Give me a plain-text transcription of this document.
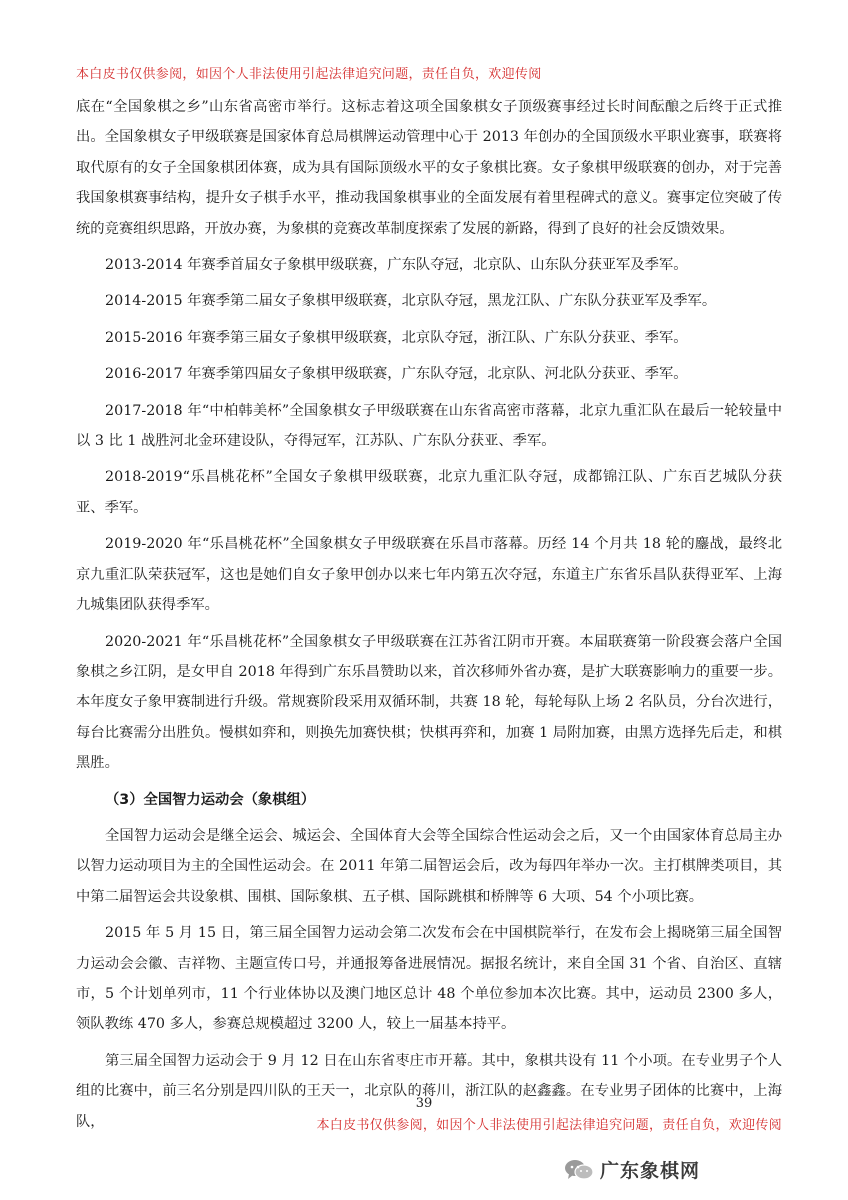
本白皮书仅供参阅，如因个人非法使用引起法律追究问题，责任自负，欢迎传阅

底在“全国象棋之乡”山东省高密市举行。这标志着这项全国象棋女子顶级赛事经过长时间酝酿之后终于正式推出。全国象棋女子甲级联赛是国家体育总局棋牌运动管理中心于 2013 年创办的全国顶级水平职业赛事，联赛将取代原有的女子全国象棋团体赛，成为具有国际顶级水平的女子象棋比赛。女子象棋甲级联赛的创办，对于完善我国象棋赛事结构，提升女子棋手水平，推动我国象棋事业的全面发展有着里程碑式的意义。赛事定位突破了传统的竞赛组织思路，开放办赛，为象棋的竞赛改革制度探索了发展的新路，得到了良好的社会反馈效果。

2013-2014 年赛季首届女子象棋甲级联赛，广东队夺冠，北京队、山东队分获亚军及季军。

2014-2015 年赛季第二届女子象棋甲级联赛，北京队夺冠，黑龙江队、广东队分获亚军及季军。

2015-2016 年赛季第三届女子象棋甲级联赛，北京队夺冠，浙江队、广东队分获亚、季军。

2016-2017 年赛季第四届女子象棋甲级联赛，广东队夺冠，北京队、河北队分获亚、季军。

2017-2018 年“中柏韩美杯”全国象棋女子甲级联赛在山东省高密市落幕，北京九重汇队在最后一轮较量中以 3 比 1 战胜河北金环建设队，夺得冠军，江苏队、广东队分获亚、季军。

2018-2019“乐昌桃花杯”全国女子象棋甲级联赛，北京九重汇队夺冠，成都锦江队、广东百艺城队分获亚、季军。

2019-2020 年“乐昌桃花杯”全国象棋女子甲级联赛在乐昌市落幕。历经 14 个月共 18 轮的鏖战，最终北京九重汇队荣获冠军，这也是她们自女子象甲创办以来七年内第五次夺冠，东道主广东省乐昌队获得亚军、上海九城集团队获得季军。

2020-2021 年“乐昌桃花杯”全国象棋女子甲级联赛在江苏省江阴市开赛。本届联赛第一阶段赛会落户全国象棋之乡江阴，是女甲自 2018 年得到广东乐昌赞助以来，首次移师外省办赛，是扩大联赛影响力的重要一步。本年度女子象甲赛制进行升级。常规赛阶段采用双循环制，共赛 18 轮，每轮每队上场 2 名队员，分台次进行，每台比赛需分出胜负。慢棋如弈和，则换先加赛快棋；快棋再弈和，加赛 1 局附加赛，由黑方选择先后走，和棋黑胜。

（3）全国智力运动会（象棋组）

全国智力运动会是继全运会、城运会、全国体育大会等全国综合性运动会之后，又一个由国家体育总局主办以智力运动项目为主的全国性运动会。在 2011 年第二届智运会后，改为每四年举办一次。主打棋牌类项目，其中第二届智运会共设象棋、围棋、国际象棋、五子棋、国际跳棋和桥牌等 6 大项、54 个小项比赛。

2015 年 5 月 15 日，第三届全国智力运动会第二次发布会在中国棋院举行，在发布会上揭晓第三届全国智力运动会会徽、吉祥物、主题宣传口号，并通报筹备进展情况。据报名统计，来自全国 31 个省、自治区、直辖市，5 个计划单列市，11 个行业体协以及澳门地区总计 48 个单位参加本次比赛。其中，运动员 2300 多人，领队教练 470 多人，参赛总规模超过 3200 人，较上一届基本持平。

第三届全国智力运动会于 9 月 12 日在山东省枣庄市开幕。其中，象棋共设有 11 个小项。在专业男子个人组的比赛中，前三名分别是四川队的王天一，北京队的蒋川，浙江队的赵鑫鑫。在专业男子团体的比赛中，上海队，

39
本白皮书仅供参阅，如因个人非法使用引起法律追究问题，责任自负，欢迎传阅
广东象棋网
